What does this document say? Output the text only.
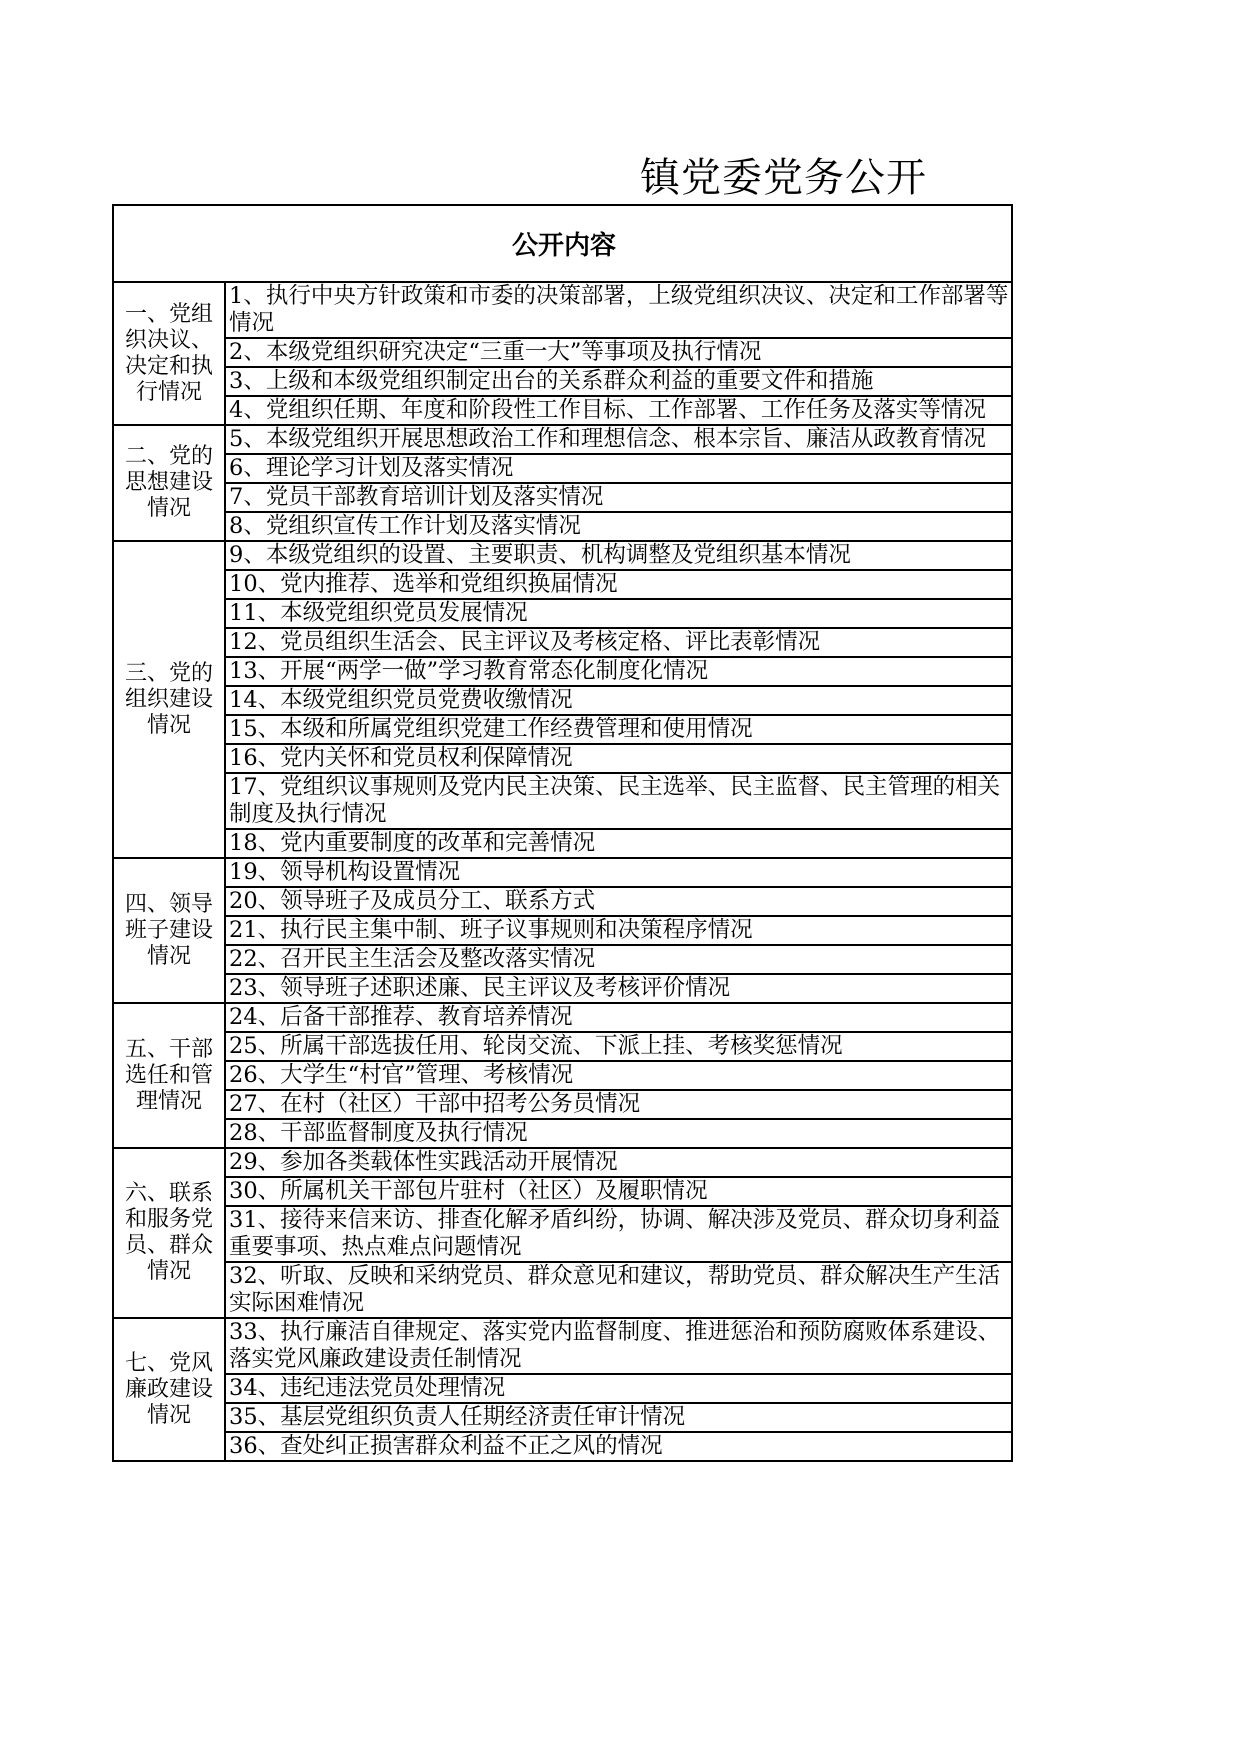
镇党委党务公开
公开内容	
一、党组织决议、决定和执行情况	1、执行中央方针政策和市委的决策部署，上级党组织决议、决定和工作部署等情况
	2、本级党组织研究决定“三重一大”等事项及执行情况
	3、上级和本级党组织制定出台的关系群众利益的重要文件和措施
	4、党组织任期、年度和阶段性工作目标、工作部署、工作任务及落实等情况
二、党的思想建设情况	5、本级党组织开展思想政治工作和理想信念、根本宗旨、廉洁从政教育情况
	6、理论学习计划及落实情况
	7、党员干部教育培训计划及落实情况
	8、党组织宣传工作计划及落实情况
三、党的组织建设情况	9、本级党组织的设置、主要职责、机构调整及党组织基本情况
	10、党内推荐、选举和党组织换届情况
	11、本级党组织党员发展情况
	12、党员组织生活会、民主评议及考核定格、评比表彰情况
	13、开展“两学一做”学习教育常态化制度化情况
	14、本级党组织党员党费收缴情况
	15、本级和所属党组织党建工作经费管理和使用情况
	16、党内关怀和党员权利保障情况
	17、党组织议事规则及党内民主决策、民主选举、民主监督、民主管理的相关制度及执行情况
	18、党内重要制度的改革和完善情况
四、领导班子建设情况	19、领导机构设置情况
	20、领导班子及成员分工、联系方式
	21、执行民主集中制、班子议事规则和决策程序情况
	22、召开民主生活会及整改落实情况
	23、领导班子述职述廉、民主评议及考核评价情况
五、干部选任和管理情况	24、后备干部推荐、教育培养情况
	25、所属干部选拔任用、轮岗交流、下派上挂、考核奖惩情况
	26、大学生“村官”管理、考核情况
	27、在村（社区）干部中招考公务员情况
	28、干部监督制度及执行情况
六、联系和服务党员、群众情况	29、参加各类载体性实践活动开展情况
	30、所属机关干部包片驻村（社区）及履职情况
	31、接待来信来访、排查化解矛盾纠纷，协调、解决涉及党员、群众切身利益重要事项、热点难点问题情况
	32、听取、反映和采纳党员、群众意见和建议，帮助党员、群众解决生产生活实际困难情况
七、党风廉政建设情况	33、执行廉洁自律规定、落实党内监督制度、推进惩治和预防腐败体系建设、落实党风廉政建设责任制情况
	34、违纪违法党员处理情况
	35、基层党组织负责人任期经济责任审计情况
	36、查处纠正损害群众利益不正之风的情况
